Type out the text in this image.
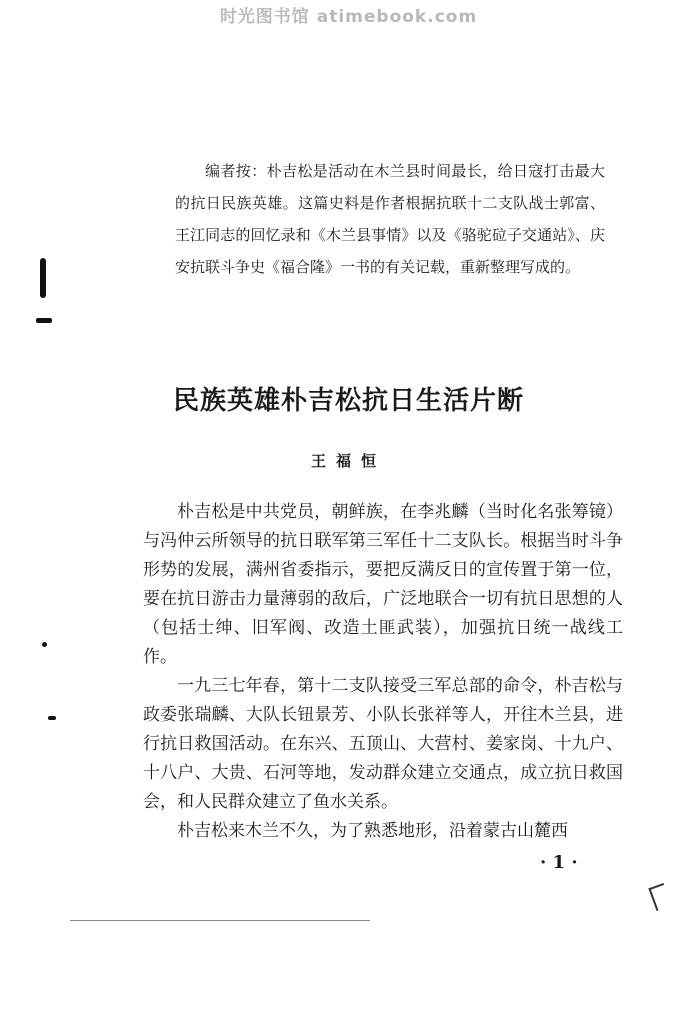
时光图书馆 atimebook.com

编者按：朴吉松是活动在木兰县时间最长，给日寇打击最大的抗日民族英雄。这篇史料是作者根据抗联十二支队战士郭富、王江同志的回忆录和《木兰县事情》以及《骆驼砬子交通站》、庆安抗联斗争史《福合隆》一书的有关记载，重新整理写成的。

民族英雄朴吉松抗日生活片断
王福恒

朴吉松是中共党员，朝鲜族，在李兆麟（当时化名张筹镜）与冯仲云所领导的抗日联军第三军任十二支队长。根据当时斗争形势的发展，满州省委指示，要把反满反日的宣传置于第一位，要在抗日游击力量薄弱的敌后，广泛地联合一切有抗日思想的人（包括士绅、旧军阀、改造土匪武装），加强抗日统一战线工作。

一九三七年春，第十二支队接受三军总部的命令，朴吉松与政委张瑞麟、大队长钮景芳、小队长张祥等人，开往木兰县，进行抗日救国活动。在东兴、五顶山、大营村、姜家岗、十九户、十八户、大贵、石河等地，发动群众建立交通点，成立抗日救国会，和人民群众建立了鱼水关系。

朴吉松来木兰不久，为了熟悉地形，沿着蒙古山麓西

· 1 ·
